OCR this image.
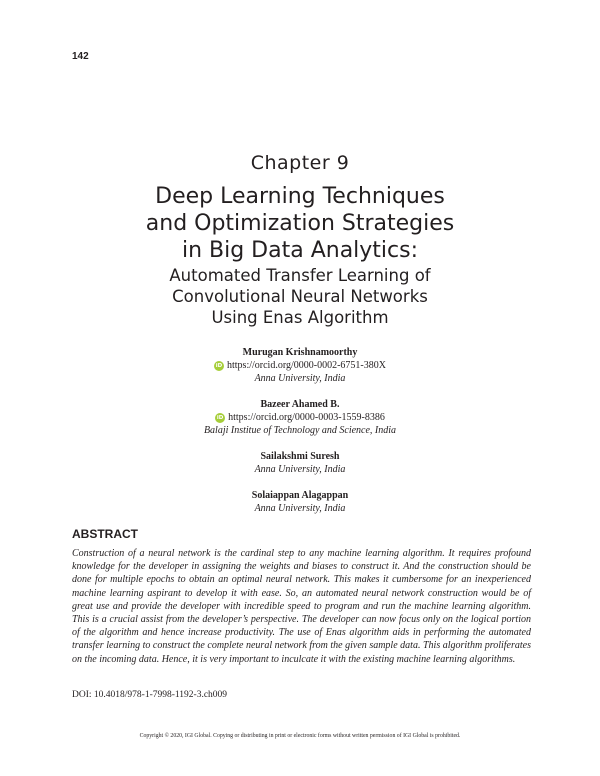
142
Chapter 9
Deep Learning Techniques
and Optimization Strategies
in Big Data Analytics:
Automated Transfer Learning of
Convolutional Neural Networks
Using Enas Algorithm
Murugan Krishnamoorthy
iD https://orcid.org/0000-0002-6751-380X
Anna University, India
Bazeer Ahamed B.
iD https://orcid.org/0000-0003-1559-8386
Balaji Institue of Technology and Science, India
Sailakshmi Suresh
Anna University, India
Solaiappan Alagappan
Anna University, India
ABSTRACT

Construction of a neural network is the cardinal step to any machine learning algorithm. It requires profound knowledge for the developer in assigning the weights and biases to construct it. And the construction should be done for multiple epochs to obtain an optimal neural network. This makes it cumbersome for an inexperienced machine learning aspirant to develop it with ease. So, an automated neural network construction would be of great use and provide the developer with incredible speed to program and run the machine learning algorithm. This is a crucial assist from the developer’s perspective. The developer can now focus only on the logical portion of the algorithm and hence increase productivity. The use of Enas algorithm aids in performing the automated transfer learning to construct the complete neural network from the given sample data. This algorithm proliferates on the incoming data. Hence, it is very important to inculcate it with the existing machine learning algorithms.

DOI: 10.4018/978-1-7998-1192-3.ch009
Copyright © 2020, IGI Global. Copying or distributing in print or electronic forms without written permission of IGI Global is prohibited.
